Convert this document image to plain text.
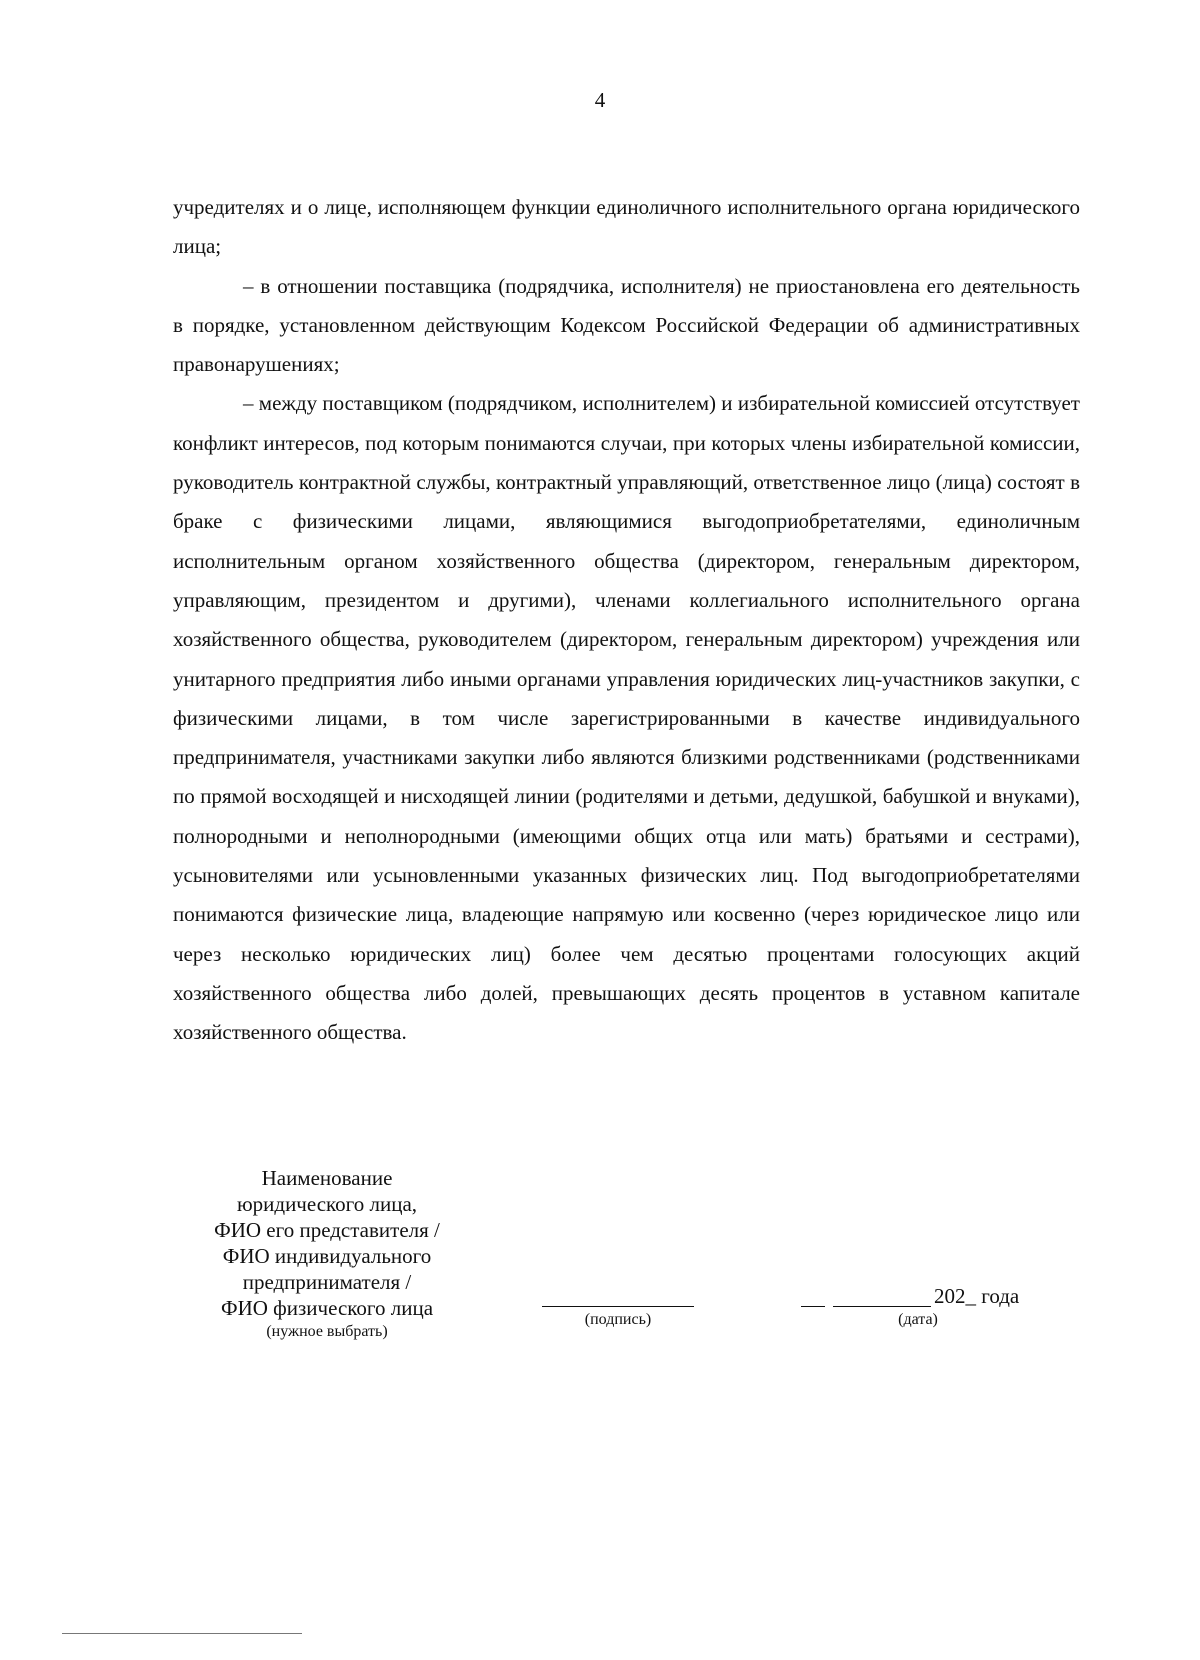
4

учредителях и о лице, исполняющем функции единоличного исполнительного органа юридического лица;

– в отношении поставщика (подрядчика, исполнителя) не приостановлена его деятельность в порядке, установленном действующим Кодексом Российской Федерации об административных правонарушениях;

– между поставщиком (подрядчиком, исполнителем) и избирательной комиссией отсутствует конфликт интересов, под которым понимаются случаи, при которых члены избирательной комиссии, руководитель контрактной службы, контрактный управляющий, ответственное лицо (лица) состоят в браке с физическими лицами, являющимися выгодоприобретателями, единоличным исполнительным органом хозяйственного общества (директором, генеральным директором, управляющим, президентом и другими), членами коллегиального исполнительного органа хозяйственного общества, руководителем (директором, генеральным директором) учреждения или унитарного предприятия либо иными органами управления юридических лиц-участников закупки, с физическими лицами, в том числе зарегистрированными в качестве индивидуального предпринимателя, участниками закупки либо являются близкими родственниками (родственниками по прямой восходящей и нисходящей линии (родителями и детьми, дедушкой, бабушкой и внуками), полнородными и неполнородными (имеющими общих отца или мать) братьями и сестрами), усыновителями или усыновленными указанных физических лиц. Под выгодоприобретателями понимаются физические лица, владеющие напрямую или косвенно (через юридическое лицо или через несколько юридических лиц) более чем десятью процентами голосующих акций хозяйственного общества либо долей, превышающих десять процентов в уставном капитале хозяйственного общества.

Наименование
юридического лица,
ФИО его представителя /
ФИО индивидуального
предпринимателя /
ФИО физического лица
(нужное выбрать)
(подпись)
202_ года
(дата)
